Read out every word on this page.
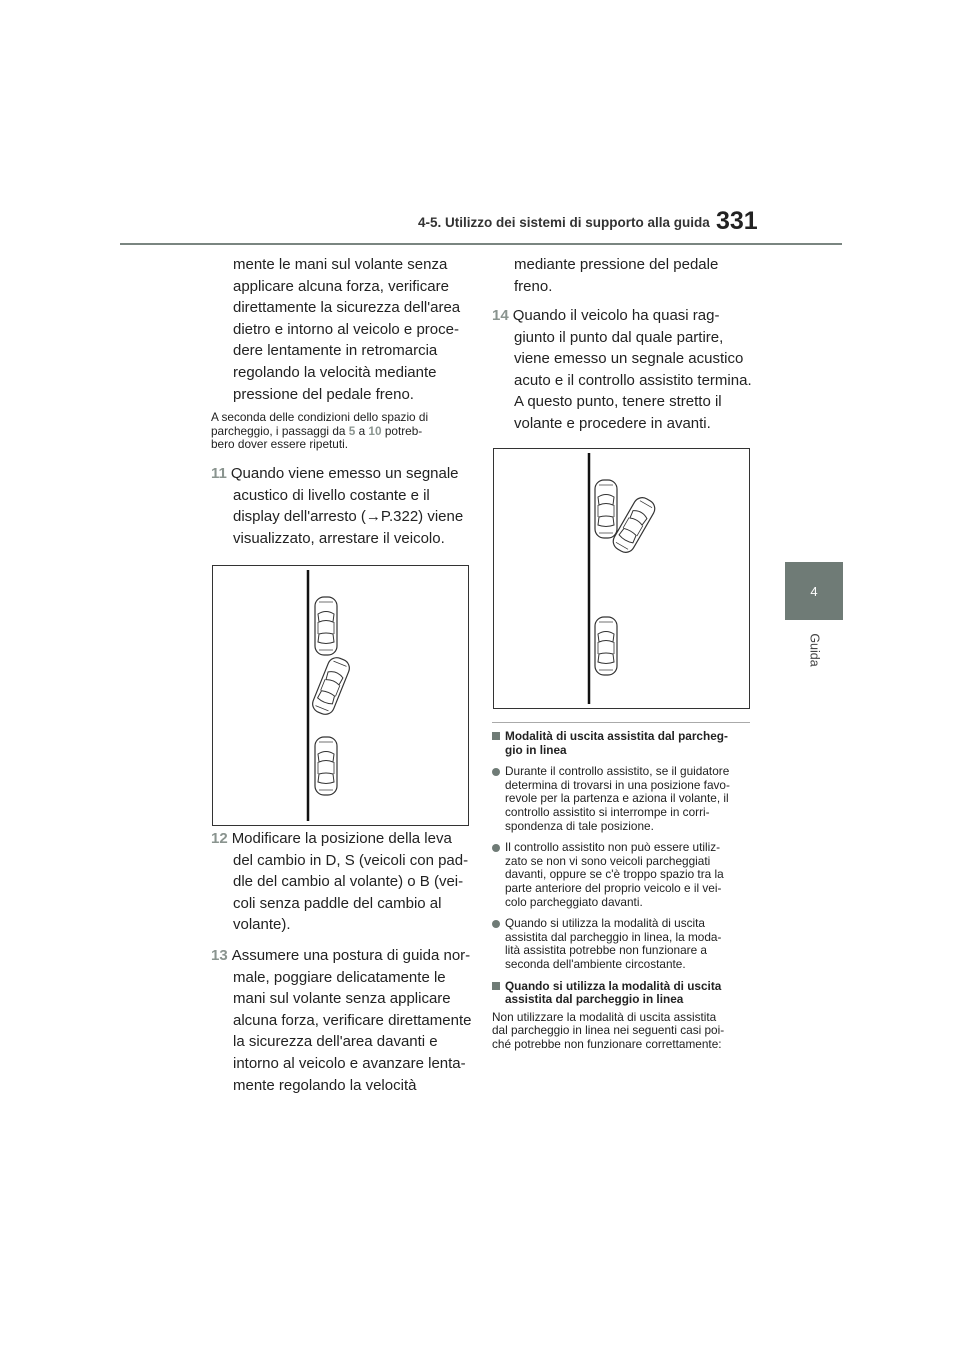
4-5. Utilizzo dei sistemi di supporto alla guida 331
4
Guida
mente le mani sul volante senza
applicare alcuna forza, verificare
direttamente la sicurezza dell'area
dietro e intorno al veicolo e proce-
dere lentamente in retromarcia
regolando la velocità mediante
pressione del pedale freno.
A seconda delle condizioni dello spazio di
parcheggio, i passaggi da 5 a 10 potreb-
bero dover essere ripetuti.
11 Quando viene emesso un segnale
acustico di livello costante e il
display dell'arresto (→P.322) viene
visualizzato, arrestare il veicolo.
12 Modificare la posizione della leva
del cambio in D, S (veicoli con pad-
dle del cambio al volante) o B (vei-
coli senza paddle del cambio al
volante).
13 Assumere una postura di guida nor-
male, poggiare delicatamente le
mani sul volante senza applicare
alcuna forza, verificare direttamente
la sicurezza dell'area davanti e
intorno al veicolo e avanzare lenta-
mente regolando la velocità
mediante pressione del pedale
freno.
14 Quando il veicolo ha quasi rag-
giunto il punto dal quale partire,
viene emesso un segnale acustico
acuto e il controllo assistito termina.
A questo punto, tenere stretto il
volante e procedere in avanti.
Modalità di uscita assistita dal parcheg-
gio in linea
Durante il controllo assistito, se il guidatore
determina di trovarsi in una posizione favo-
revole per la partenza e aziona il volante, il
controllo assistito si interrompe in corri-
spondenza di tale posizione.
Il controllo assistito non può essere utiliz-
zato se non vi sono veicoli parcheggiati
davanti, oppure se c'è troppo spazio tra la
parte anteriore del proprio veicolo e il vei-
colo parcheggiato davanti.
Quando si utilizza la modalità di uscita
assistita dal parcheggio in linea, la moda-
lità assistita potrebbe non funzionare a
seconda dell'ambiente circostante.
Quando si utilizza la modalità di uscita
assistita dal parcheggio in linea
Non utilizzare la modalità di uscita assistita
dal parcheggio in linea nei seguenti casi poi-
ché potrebbe non funzionare correttamente:
